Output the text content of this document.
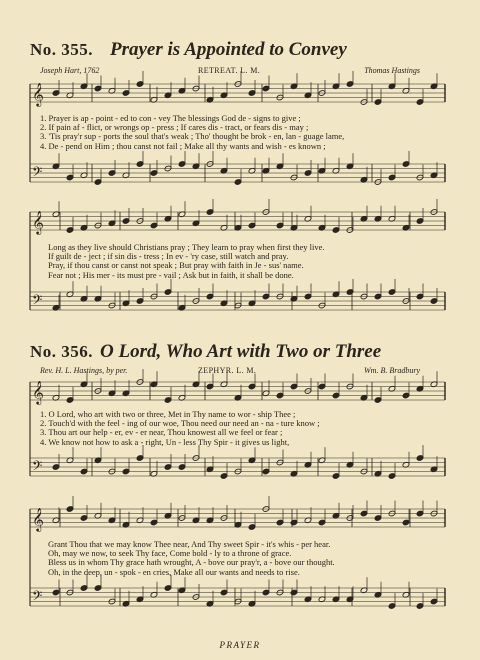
𝄞
𝄢
𝄞
𝄢
𝄞
𝄢
𝄞
𝄢
No. 355. Prayer is Appointed to Convey
Joseph Hart, 1762	RETREAT. L. M.	Thomas Hastings
1. Prayer is ap - point - ed to con - vey The blessings God de - signs to give ;
2. If pain af - flict, or wrongs op - press ; If cares dis - tract, or fears dis - may ;
3. 'Tis pray'r sup - ports the soul that's weak ; Tho' thought be brok - en, lan - guage lame,
4. De - pend on Him ; thou canst not fail ; Make all thy wants and wish - es known ;
Long as they live should Christians pray ; They learn to pray when first they live.
If guilt de - ject ; if sin dis - tress ; In ev - 'ry case, still watch and pray.
Pray, if thou canst or canst not speak ; But pray with faith in Je - sus' name.
Fear not ; His mer - its must pre - vail ; Ask but in faith, it shall be done.
No. 356. O Lord, Who Art with Two or Three
Rev. H. L. Hastings, by per.	ZEPHYR. L. M.	Wm. B. Bradbury
1. O Lord, who art with two or three, Met in Thy name to wor - ship Thee ;
2. Touch'd with the feel - ing of our woe, Thou need our need an - na - ture know ;
3. Thou art our help - er, ev - er near, Thou knowest all we feel or fear ;
4. We know not how to ask a - right, Un - less Thy Spir - it gives us light,
Grant Thou that we may know Thee near, And Thy sweet Spir - it's whis - per hear.
Oh, may we now, to seek Thy face, Come bold - ly to a throne of grace.
Bless us in whom Thy grace hath wrought, A - bove our pray'r, a - bove our thought.
Oh, in the deep, un - spok - en cries, Make all our wants and needs to rise.
PRAYER
